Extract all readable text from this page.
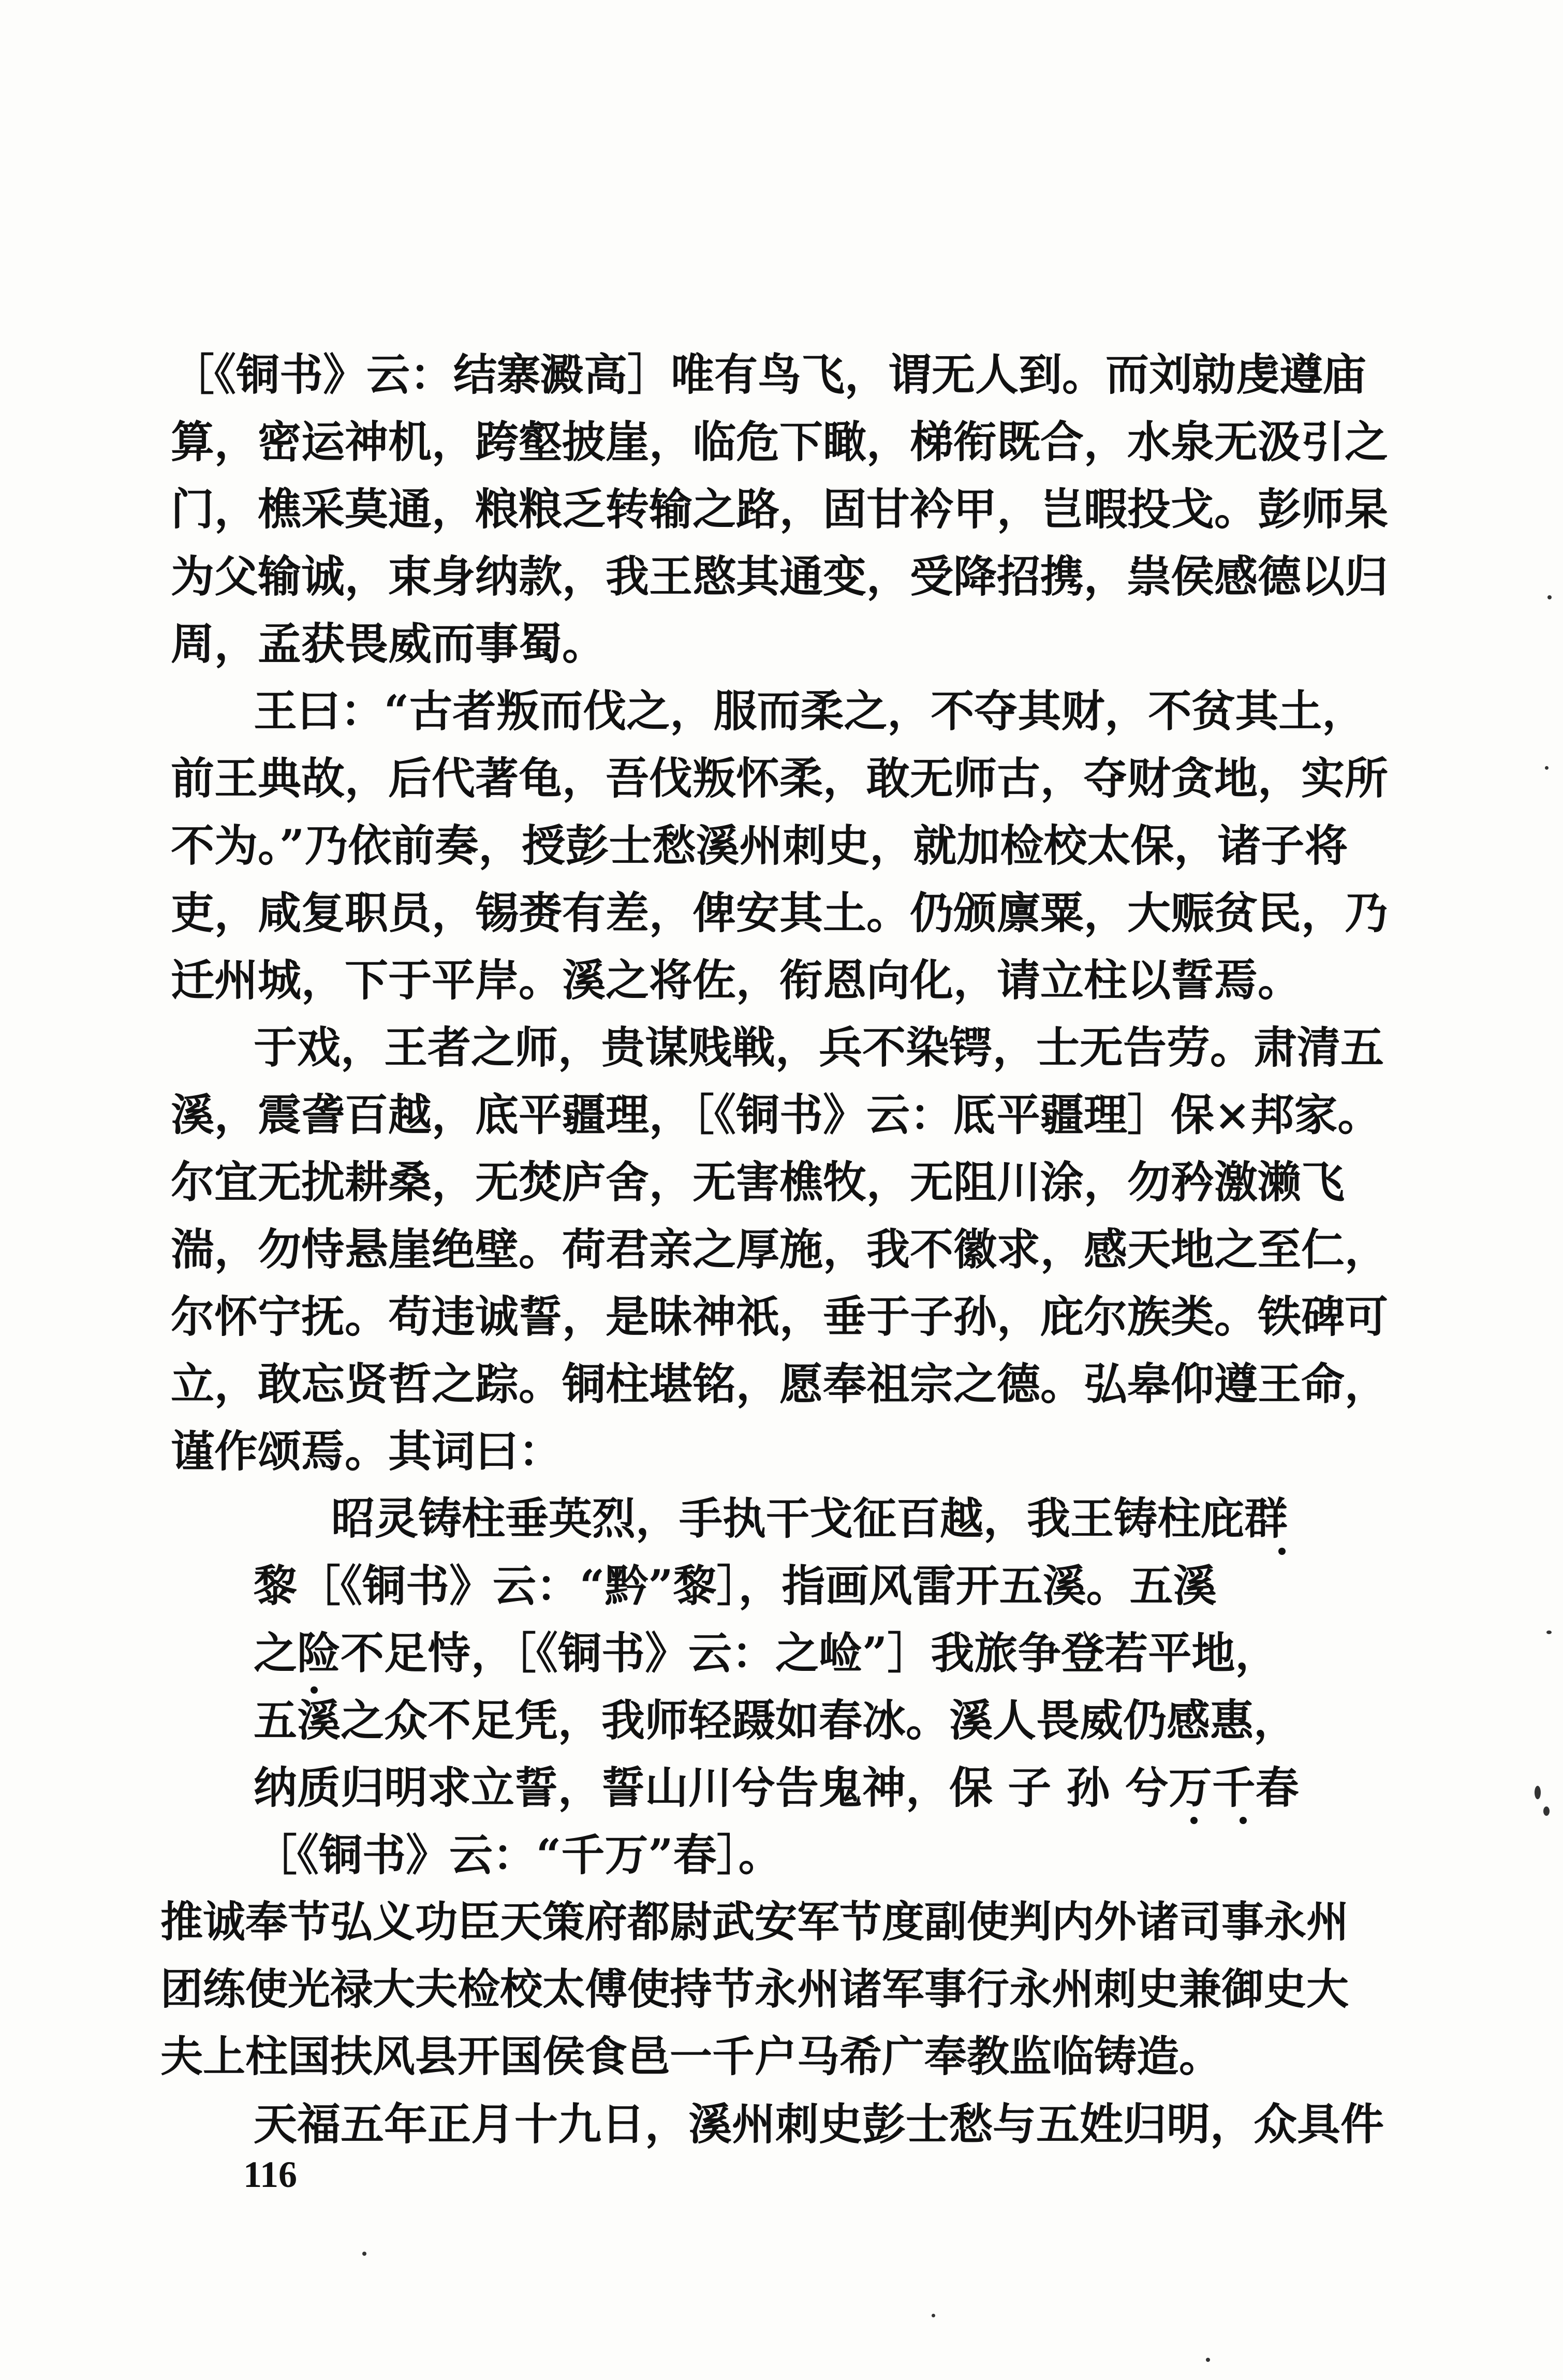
［《铜书》云：结寨澱高］唯有鸟飞，谓无人到。而刘勍虔遵庙
算，密运神机，跨壑披崖，临危下瞰，梯衔既合，水泉无汲引之
门，樵采莫通，粮粮乏转输之路，固甘衿甲，岂暇投戈。彭师杲
为父输诚，束身纳款，我王愍其通变，受降招携，祟侯感德以归
周，孟获畏威而事蜀。
王曰：“古者叛而伐之，服而柔之，不夺其财，不贫其土，
前王典故，后代著龟，吾伐叛怀柔，敢无师古，夺财贪地，实所
不为。”乃依前奏，授彭士愁溪州刺史，就加检校太保，诸子将
吏，咸复职员，锡赉有差，俾安其土。仍颁廪粟，大赈贫民，乃
迁州城，下于平岸。溪之将佐，衔恩向化，请立柱以誓焉。
于戏，王者之师，贵谋贱戦，兵不染锷，士无告劳。肃清五
溪，震詟百越，底平疆理，［《铜书》云：厎平疆理］保×邦家。
尔宜无扰耕桑，无焚庐舍，无害樵牧，无阻川涂，勿矜激濑飞
湍，勿恃悬崖绝壁。荷君亲之厚施，我不徽求，感天地之至仁，
尔怀宁抚。苟违诚誓，是昧神祇，垂于子孙，庇尔族类。铁碑可
立，敢忘贤哲之踪。铜柱堪铭，愿奉祖宗之德。弘皋仰遵王命，
谨作颂焉。其词曰：
昭灵铸柱垂英烈，手执干戈征百越，我王铸柱庇群
黎［《铜书》云：“黔”黎］，指画风雷开五溪。五溪
之险不足恃，［《铜书》云：之崄”］我旅争登若平地，
五溪之众不足凭，我师轻蹑如春冰。溪人畏威仍感惠，
纳质归明求立誓，誓山川兮告鬼神，保 子 孙 兮万千春
［《铜书》云：“千万”春］。
推诚奉节弘义功臣天策府都尉武安军节度副使判内外诸司事永州
团练使光禄大夫检校太傅使持节永州诸军事行永州刺史兼御史大
夫上柱国扶风县开国侯食邑一千户马希广奉教监临铸造。
天福五年正月十九日，溪州刺史彭士愁与五姓归明，众具件
116
